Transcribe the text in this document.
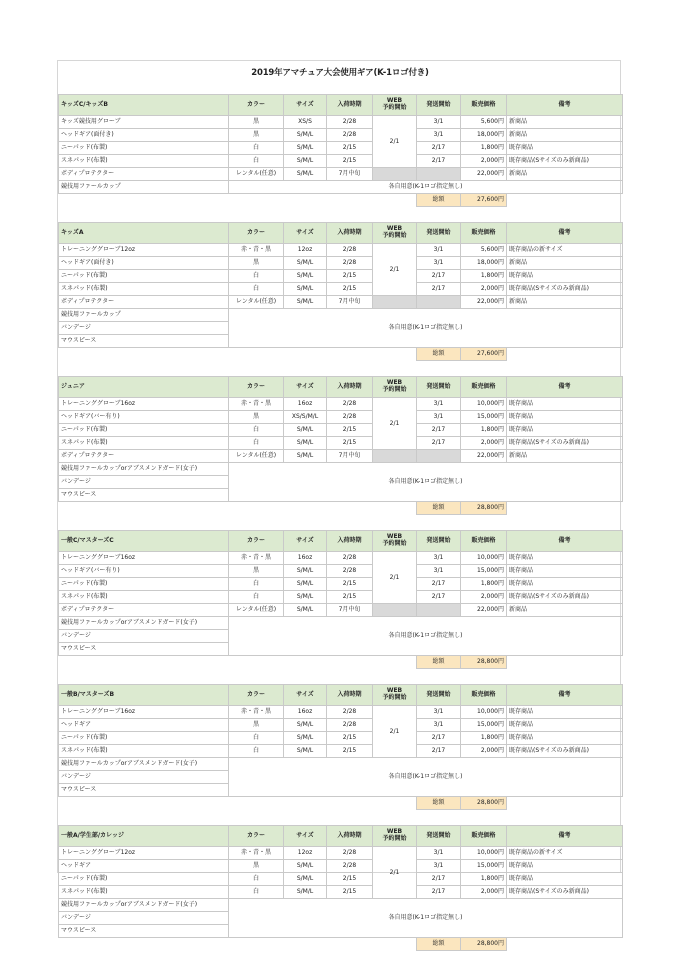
2019年アマチュア大会使用ギア(K-1ロゴ付き)
キッズC/キッズB	カラー	サイズ	入荷時期	WEB
予約開始	発送開始	販売価格	備考
キッズ競技用グローブ	黒	XS/S	2/28	2/1	3/1	5,600円	新商品
ヘッドギア(面付き)	黒	S/M/L	2/28		3/1	18,000円	新商品
ニーパッド(布製)	白	S/M/L	2/15		2/17	1,800円	既存商品
スネパッド(布製)	白	S/M/L	2/15		2/17	2,000円	既存商品(Sサイズのみ新商品)
ボディプロテクター	レンタル(任意)	S/M/L	7月中旬			22,000円	新商品
競技用ファールカップ	各自用意(K-1ロゴ指定無し)						
					総額	27,600円	
キッズA	カラー	サイズ	入荷時期	WEB
予約開始	発送開始	販売価格	備考
トレーニンググローブ12oz	赤・青・黒	12oz	2/28	2/1	3/1	5,600円	既存商品の新サイズ
ヘッドギア(面付き)	黒	S/M/L	2/28		3/1	18,000円	新商品
ニーパッド(布製)	白	S/M/L	2/15		2/17	1,800円	既存商品
スネパッド(布製)	白	S/M/L	2/15		2/17	2,000円	既存商品(Sサイズのみ新商品)
ボディプロテクター	レンタル(任意)	S/M/L	7月中旬			22,000円	新商品
競技用ファールカップ	各自用意(K-1ロゴ指定無し)						
バンデージ							
マウスピース							
					総額	27,600円	
ジュニア	カラー	サイズ	入荷時期	WEB
予約開始	発送開始	販売価格	備考
トレーニンググローブ16oz	赤・青・黒	16oz	2/28	2/1	3/1	10,000円	既存商品
ヘッドギア(バー有り)	黒	XS/S/M/L	2/28		3/1	15,000円	既存商品
ニーパッド(布製)	白	S/M/L	2/15		2/17	1,800円	既存商品
スネパッド(布製)	白	S/M/L	2/15		2/17	2,000円	既存商品(Sサイズのみ新商品)
ボディプロテクター	レンタル(任意)	S/M/L	7月中旬			22,000円	新商品
競技用ファールカップorアブスメンドガード(女子)	各自用意(K-1ロゴ指定無し)						
バンデージ							
マウスピース							
					総額	28,800円	
一般C/マスターズC	カラー	サイズ	入荷時期	WEB
予約開始	発送開始	販売価格	備考
トレーニンググローブ16oz	赤・青・黒	16oz	2/28	2/1	3/1	10,000円	既存商品
ヘッドギア(バー有り)	黒	S/M/L	2/28		3/1	15,000円	既存商品
ニーパッド(布製)	白	S/M/L	2/15		2/17	1,800円	既存商品
スネパッド(布製)	白	S/M/L	2/15		2/17	2,000円	既存商品(Sサイズのみ新商品)
ボディプロテクター	レンタル(任意)	S/M/L	7月中旬			22,000円	新商品
競技用ファールカップorアブスメンドガード(女子)	各自用意(K-1ロゴ指定無し)						
バンデージ							
マウスピース							
					総額	28,800円	
一般B/マスターズB	カラー	サイズ	入荷時期	WEB
予約開始	発送開始	販売価格	備考
トレーニンググローブ16oz	赤・青・黒	16oz	2/28	2/1	3/1	10,000円	既存商品
ヘッドギア	黒	S/M/L	2/28		3/1	15,000円	既存商品
ニーパッド(布製)	白	S/M/L	2/15		2/17	1,800円	既存商品
スネパッド(布製)	白	S/M/L	2/15		2/17	2,000円	既存商品(Sサイズのみ新商品)
競技用ファールカップorアブスメンドガード(女子)	各自用意(K-1ロゴ指定無し)						
バンデージ							
マウスピース							
					総額	28,800円	
一般A/学生部/カレッジ	カラー	サイズ	入荷時期	WEB
予約開始	発送開始	販売価格	備考
トレーニンググローブ12oz	赤・青・黒	12oz	2/28	2/1	3/1	10,000円	既存商品の新サイズ
ヘッドギア	黒	S/M/L	2/28		3/1	15,000円	既存商品
ニーパッド(布製)	白	S/M/L	2/15		2/17	1,800円	既存商品
スネパッド(布製)	白	S/M/L	2/15		2/17	2,000円	既存商品(Sサイズのみ新商品)
競技用ファールカップorアブスメンドガード(女子)	各自用意(K-1ロゴ指定無し)						
バンデージ							
マウスピース							
					総額	28,800円	
